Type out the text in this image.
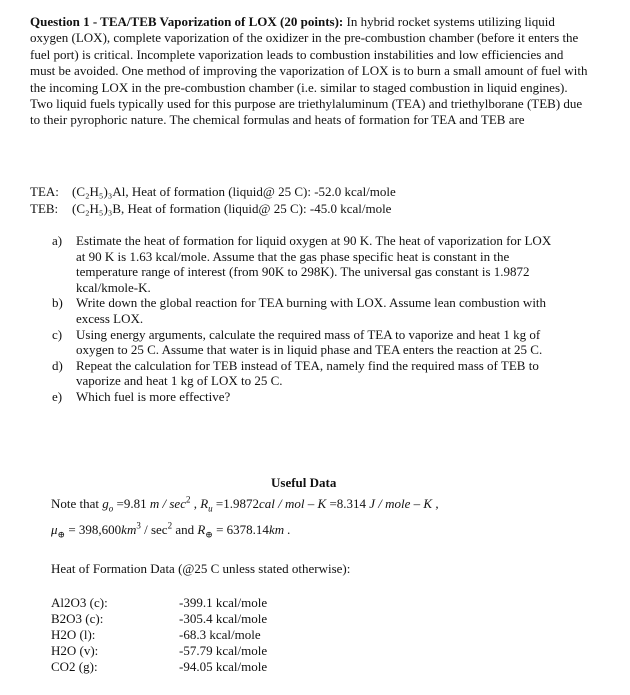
Question 1 - TEA/TEB Vaporization of LOX (20 points): In hybrid rocket systems utilizing liquid oxygen (LOX), complete vaporization of the oxidizer in the pre-combustion chamber (before it enters the fuel port) is critical. Incomplete vaporization leads to combustion instabilities and low efficiencies and must be avoided. One method of improving the vaporization of LOX is to burn a small amount of fuel with the incoming LOX in the pre-combustion chamber (i.e. similar to staged combustion in liquid engines). Two liquid fuels typically used for this purpose are triethylaluminum (TEA) and triethylborane (TEB) due to their pyrophoric nature. The chemical formulas and heats of formation for TEA and TEB are

TEA: (C₂H₅)₃Al, Heat of formation (liquid@ 25 C): -52.0 kcal/mole
TEB: (C₂H₅)₃B, Heat of formation (liquid@ 25 C): -45.0 kcal/mole
a) Estimate the heat of formation for liquid oxygen at 90 K. The heat of vaporization for LOX at 90 K is 1.63 kcal/mole. Assume that the gas phase specific heat is constant in the temperature range of interest (from 90K to 298K). The universal gas constant is 1.9872 kcal/kmole-K.
b) Write down the global reaction for TEA burning with LOX. Assume lean combustion with excess LOX.
c) Using energy arguments, calculate the required mass of TEA to vaporize and heat 1 kg of oxygen to 25 C. Assume that water is in liquid phase and TEA enters the reaction at 25 C.
d) Repeat the calculation for TEB instead of TEA, namely find the required mass of TEB to vaporize and heat 1 kg of LOX to 25 C.
e) Which fuel is more effective?
Useful Data
Note that $g_o =9.81$ m / $\sec^2$ , $R_u =1.9872cal$ / mol – K =8.314 J / mole – K ,
$\mu_\oplus = 398,600km^3 / \sec^2$ and $R_\oplus = 6378.14km$ .
Heat of Formation Data (@25 C unless stated otherwise):
Al2O3 (c):	-399.1 kcal/mole
B2O3 (c):	-305.4 kcal/mole
H2O (l):	-68.3 kcal/mole
H2O (v):	-57.79 kcal/mole
CO2 (g):	-94.05 kcal/mole
